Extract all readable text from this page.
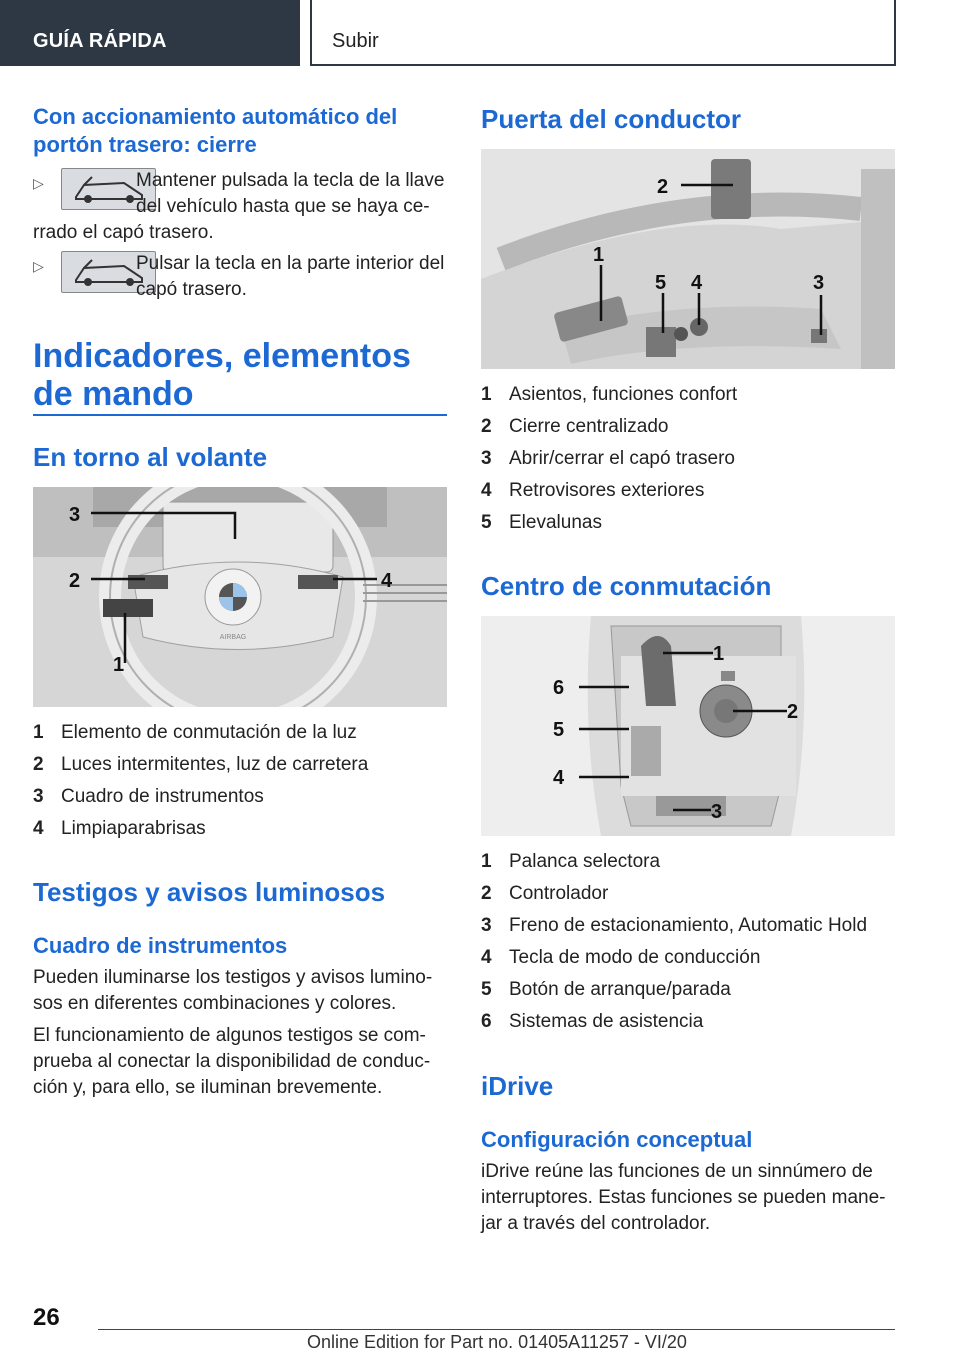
GUÍA RÁPIDA	Subir
Con accionamiento automático del portón trasero: cierre
▷	Mantener pulsada la tecla de la llave del vehículo hasta que se haya ce-
rrado el capó trasero.
▷	Pulsar la tecla en la parte interior del capó trasero.
Indicadores, elementos de mando
En torno al volante
AIRBAG
3
2	4
1
1 Elemento de conmutación de la luz
2 Luces intermitentes, luz de carretera
3 Cuadro de instrumentos
4 Limpiaparabrisas
Testigos y avisos luminosos
Cuadro de instrumentos
Pueden iluminarse los testigos y avisos lumino-sos en diferentes combinaciones y colores.
El funcionamiento de algunos testigos se com-prueba al conectar la disponibilidad de conduc-ción y, para ello, se iluminan brevemente.
Puerta del conductor
2
1
5 4	3
1 Asientos, funciones confort
2 Cierre centralizado
3 Abrir/cerrar el capó trasero
4 Retrovisores exteriores
5 Elevalunas
Centro de conmutación
1
2
3
4
5
6
1 Palanca selectora
2 Controlador
3 Freno de estacionamiento, Automatic Hold
4 Tecla de modo de conducción
5 Botón de arranque/parada
6 Sistemas de asistencia
iDrive
Configuración conceptual
iDrive reúne las funciones de un sinnúmero de interruptores. Estas funciones se pueden mane-jar a través del controlador.
26
Online Edition for Part no. 01405A11257 - VI/20
